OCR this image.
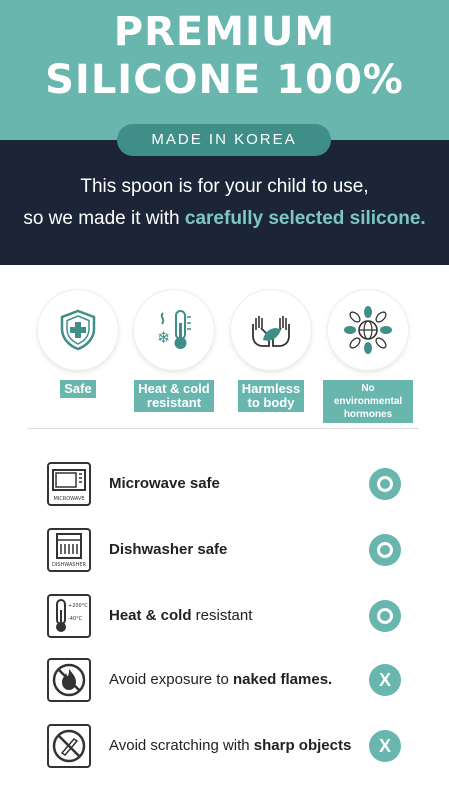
PREMIUM
SILICONE 100%
MADE IN KOREA
This spoon is for your child to use,
so we made it with carefully selected silicone.
Safe
❄
Heat & cold
resistant
Harmless
to body
No environmental
hormones
MICROWAVE
Microwave safe
DISHWASHER
Dishwasher safe
+200°C
-40°C Heat & cold resistant
Avoid exposure to naked flames.	X
Avoid scratching with sharp objects	X
